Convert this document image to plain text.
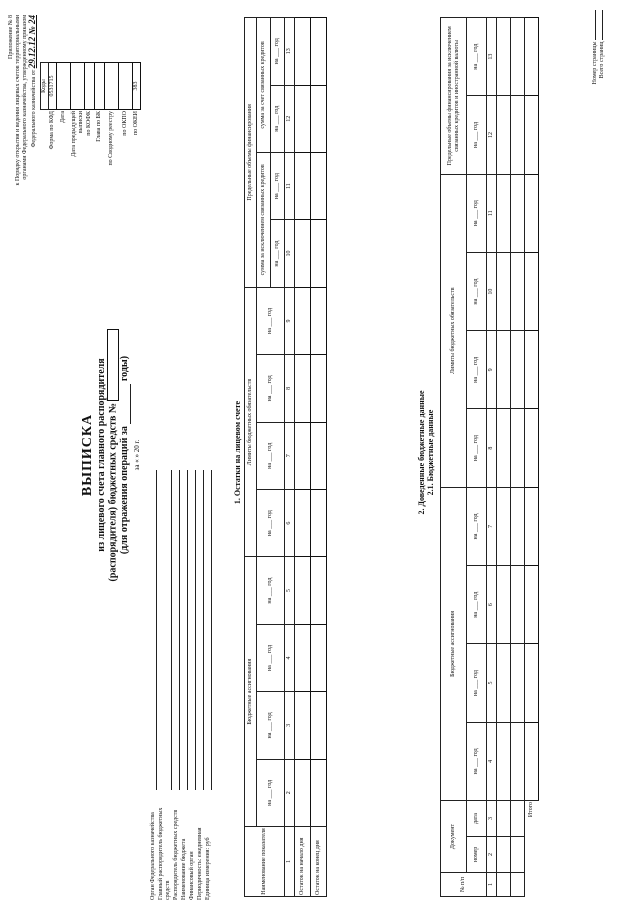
Приложение № 8 к Порядку открытия и ведения лицевых счетов территориальными органами Федерального казначейства, утвержденному приказом Федерального казначейства от 29.12.12 № 24
ВЫПИСКА из лицевого счета главного распорядителя (распорядителя) бюджетных средств № (для отражения операций за   годы)
за « » 20 г.
	Коды
Форма по КФД	0531715
Дата	
Дата предыдущей выписки	
по КОФК	
Глава по БК	
по Сводному реестру	
по ОКПО	
по ОКЕИ	383
Орган Федерального казначейства Главный распорядитель бюджетных средств Распорядитель бюджетных средств Наименование бюджета Финансовый орган Периодичность: ежедневная Единица измерения: руб
1. Остатки на лицевом счете
Наименование показателя	Бюджетные ассигнования				Лимиты бюджетных обязательств				Предельные объемы финансирования			
	на ___ год	на ___ год	на ___ год	на ___ год	на ___ год	на ___ год	на ___ год	на ___ год	сумма за исключением связанных кредитов		сумма за счет связанных кредитов	
									на ___ год	на ___ год	на ___ год	на ___ год
1	2	3	4	5	6	7	8	9	10	11	12	13
Остаток на начало дня												
Остаток на конец дня												
2. Доведенные бюджетные данные 2.1. Бюджетные данные
№ п/п	Документ		Бюджетные ассигнования				Лимиты бюджетных обязательств				Предельные объемы финансирования за исключением связанных кредитов и иностранной валюты	
	номер	дата	на ___ год	на ___ год	на ___ год	на ___ год	на ___ год	на ___ год	на ___ год	на ___ год	на ___ год	на ___ год
1	2	3	4	5	6	7	8	9	10	11	12	13

	Итого											
Номер страницы Всего страниц
